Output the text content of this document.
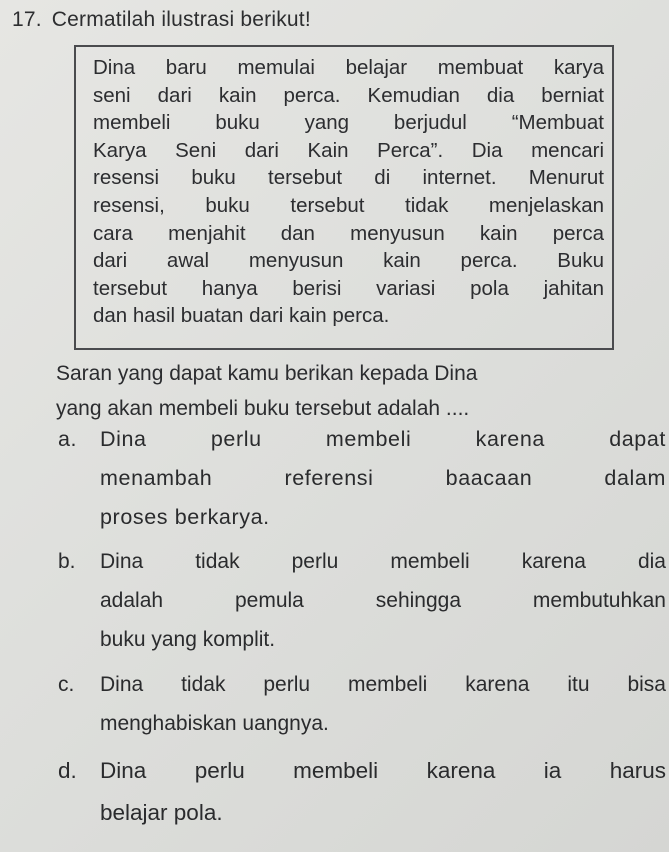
17. Cermatilah ilustrasi berikut!
Dina baru memulai belajar membuat karya
seni dari kain perca. Kemudian dia berniat
membeli buku yang berjudul “Membuat
Karya Seni dari Kain Perca”. Dia mencari
resensi buku tersebut di internet. Menurut
resensi, buku tersebut tidak menjelaskan
cara menjahit dan menyusun kain perca
dari awal menyusun kain perca. Buku
tersebut hanya berisi variasi pola jahitan
dan hasil buatan dari kain perca.
Saran yang dapat kamu berikan kepada Dina
yang akan membeli buku tersebut adalah ....
a. Dina perlu membeli karena dapat
menambah referensi baacaan dalam
proses berkarya.
b. Dina tidak perlu membeli karena dia
adalah pemula sehingga membutuhkan
buku yang komplit.
c. Dina tidak perlu membeli karena itu bisa
menghabiskan uangnya.
d. Dina perlu membeli karena ia harus
belajar pola.
